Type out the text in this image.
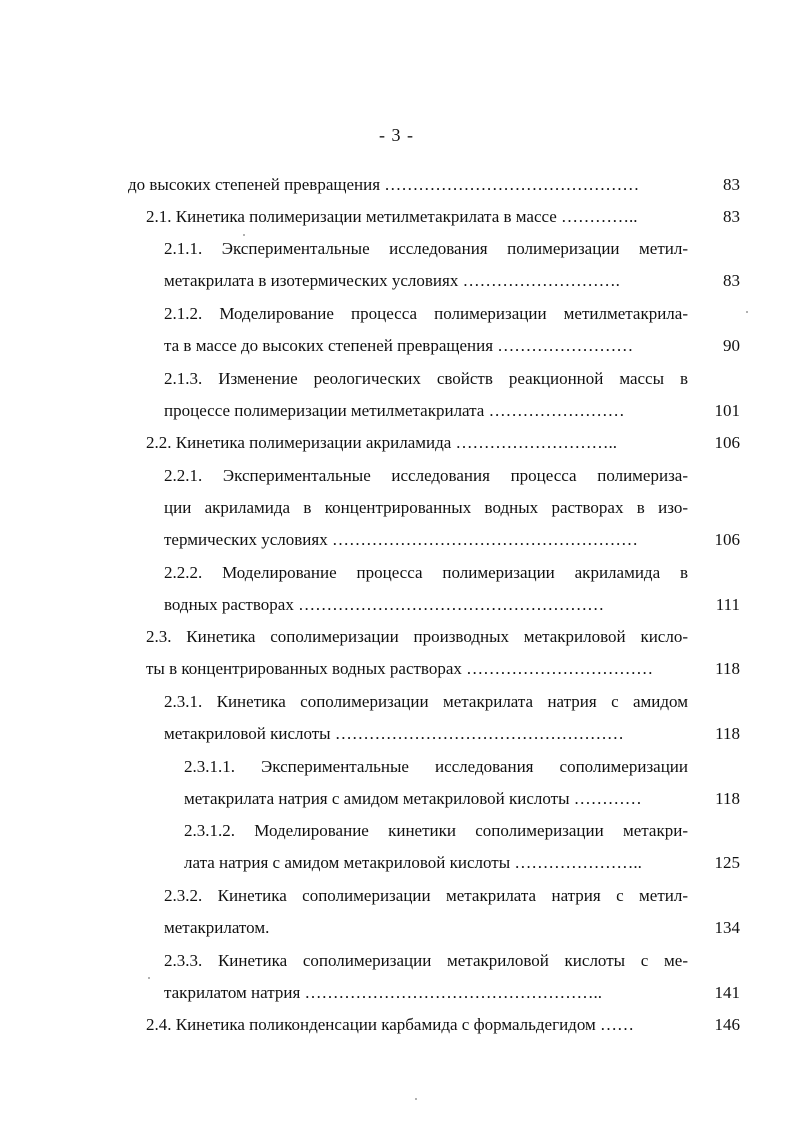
- 3 -
до высоких степеней превращения ………………………………………	83
2.1. Кинетика полимеризации метилметакрилата в массе …………..	83
2.1.1. Экспериментальные исследования полимеризации метил-
метакрилата в изотермических условиях ……………………….	83
2.1.2. Моделирование процесса полимеризации метилметакрила-
та в массе до высоких степеней превращения ……………………	90
2.1.3. Изменение реологических свойств реакционной массы в
процессе полимеризации метилметакрилата ……………………	101
2.2. Кинетика полимеризации акриламида ………………………..	106
2.2.1. Экспериментальные исследования процесса полимериза-
ции акриламида в концентрированных водных растворах в изо-
термических условиях ………………………………………………	106
2.2.2. Моделирование процесса полимеризации акриламида в
водных растворах ………………………………………………	111
2.3. Кинетика сополимеризации производных метакриловой кисло-
ты в концентрированных водных растворах ……………………………	118
2.3.1. Кинетика сополимеризации метакрилата натрия с амидом
метакриловой кислоты ……………………………………………	118
2.3.1.1. Экспериментальные исследования сополимеризации
метакрилата натрия с амидом метакриловой кислоты …………	118
2.3.1.2. Моделирование кинетики сополимеризации метакри-
лата натрия с амидом метакриловой кислоты …………………..	125
2.3.2. Кинетика сополимеризации метакрилата натрия с метил-
метакрилатом.	134
2.3.3. Кинетика сополимеризации метакриловой кислоты с ме-
такрилатом натрия ……………………………………………..	141
2.4. Кинетика поликонденсации карбамида с формальдегидом ……	146
